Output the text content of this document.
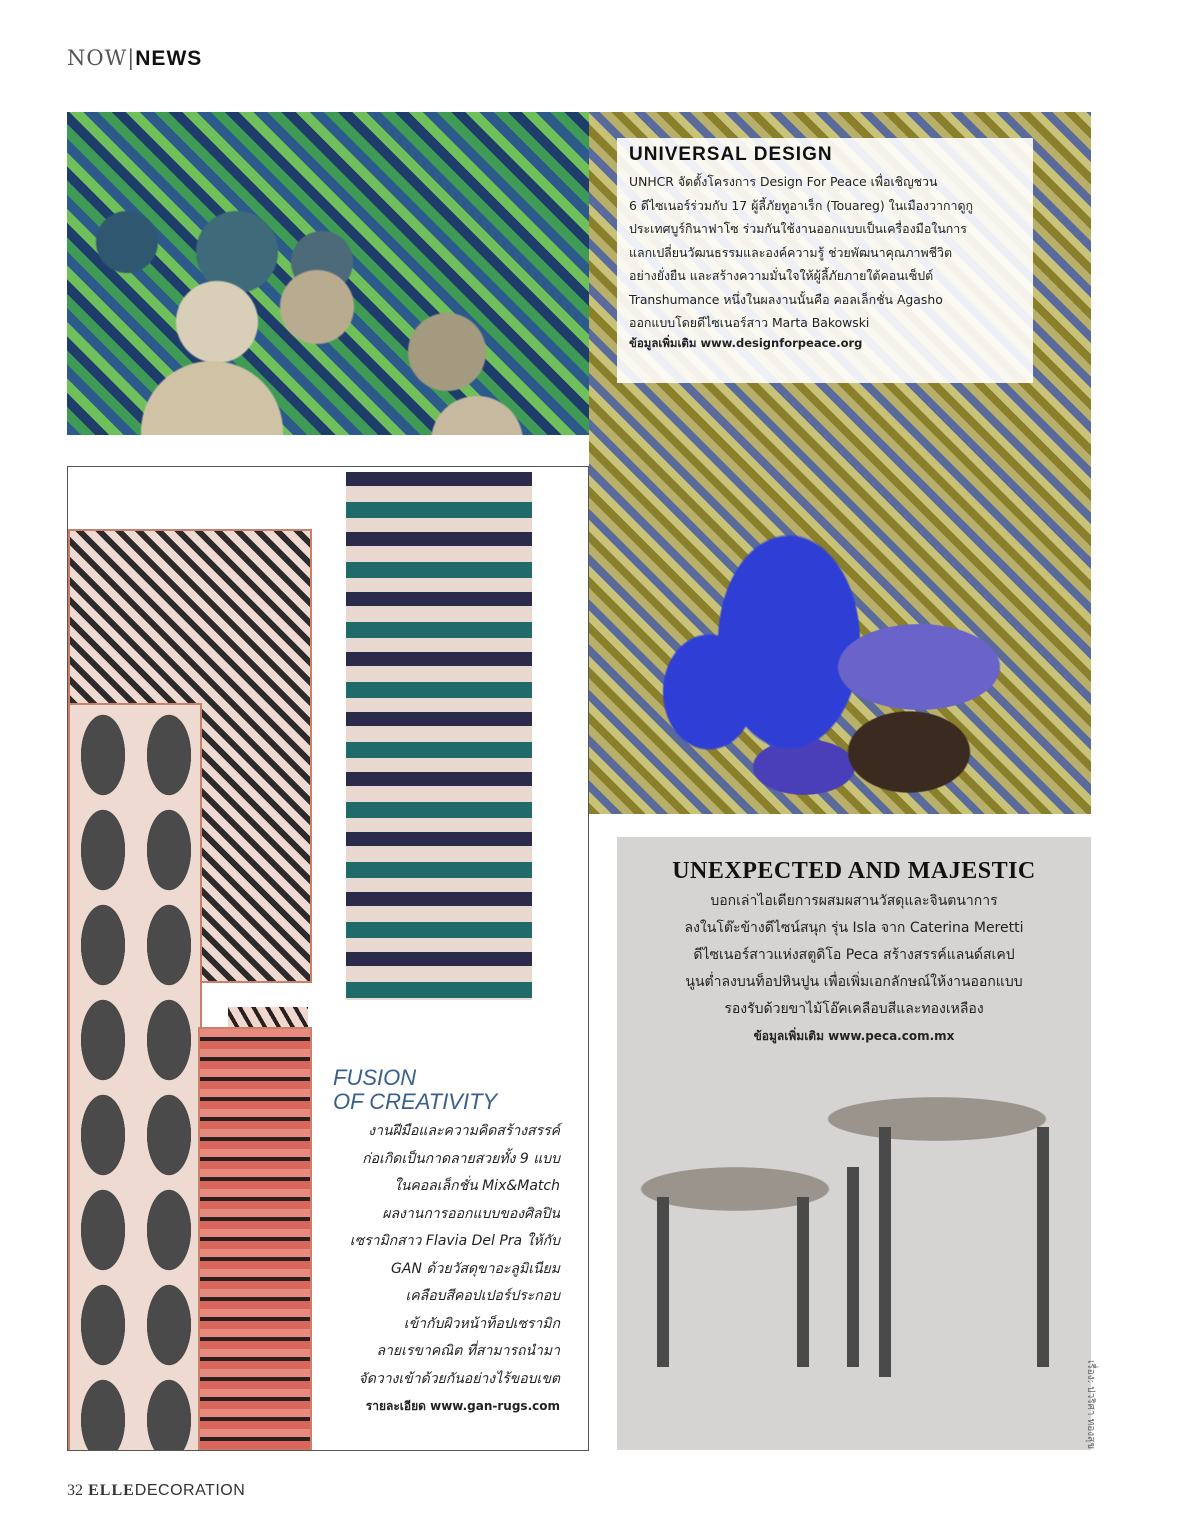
NOW|NEWS
UNIVERSAL DESIGN
UNHCR จัดตั้งโครงการ Design For Peace เพื่อเชิญชวน
6 ดีไซเนอร์ร่วมกับ 17 ผู้ลี้ภัยทูอาเร็ก (Touareg) ในเมืองวากาดูกู
ประเทศบูร์กินาฟาโซ ร่วมกันใช้งานออกแบบเป็นเครื่องมือในการ
แลกเปลี่ยนวัฒนธรรมและองค์ความรู้ ช่วยพัฒนาคุณภาพชีวิต
อย่างยั่งยืน และสร้างความมั่นใจให้ผู้ลี้ภัยภายใต้คอนเซ็ปต์
Transhumance หนึ่งในผลงานนั้นคือ คอลเล็กชั่น Agasho
ออกแบบโดยดีไซเนอร์สาว Marta Bakowski
ข้อมูลเพิ่มเติม www.designforpeace.org
UNEXPECTED AND MAJESTIC
บอกเล่าไอเดียการผสมผสานวัสดุและจินตนาการ
ลงในโต๊ะข้างดีไซน์สนุก รุ่น Isla จาก Caterina Meretti
ดีไซเนอร์สาวแห่งสตูดิโอ Peca สร้างสรรค์แลนด์สเคป
นูนต่ำลงบนท็อปหินปูน เพื่อเพิ่มเอกลักษณ์ให้งานออกแบบ
รองรับด้วยขาไม้โอ๊คเคลือบสีและทองเหลือง
ข้อมูลเพิ่มเติม www.peca.com.mx
FUSION
OF CREATIVITY
งานฝีมือและความคิดสร้างสรรค์
ก่อเกิดเป็นกาดลายสวยทั้ง 9 แบบ
ในคอลเล็กชั่น Mix&Match
ผลงานการออกแบบของศิลปิน
เซรามิกสาว Flavia Del Pra ให้กับ
GAN ด้วยวัสดุขาอะลูมิเนียม
เคลือบสีคอปเปอร์ประกอบ
เข้ากับผิวหน้าท็อปเซรามิก
ลายเรขาคณิต ที่สามารถนำมา
จัดวางเข้าด้วยกันอย่างไร้ขอบเขต
รายละเอียด www.gan-rugs.com	เรื่อง: ปวริศา ทองสุข
32 ELLEDECORATION
